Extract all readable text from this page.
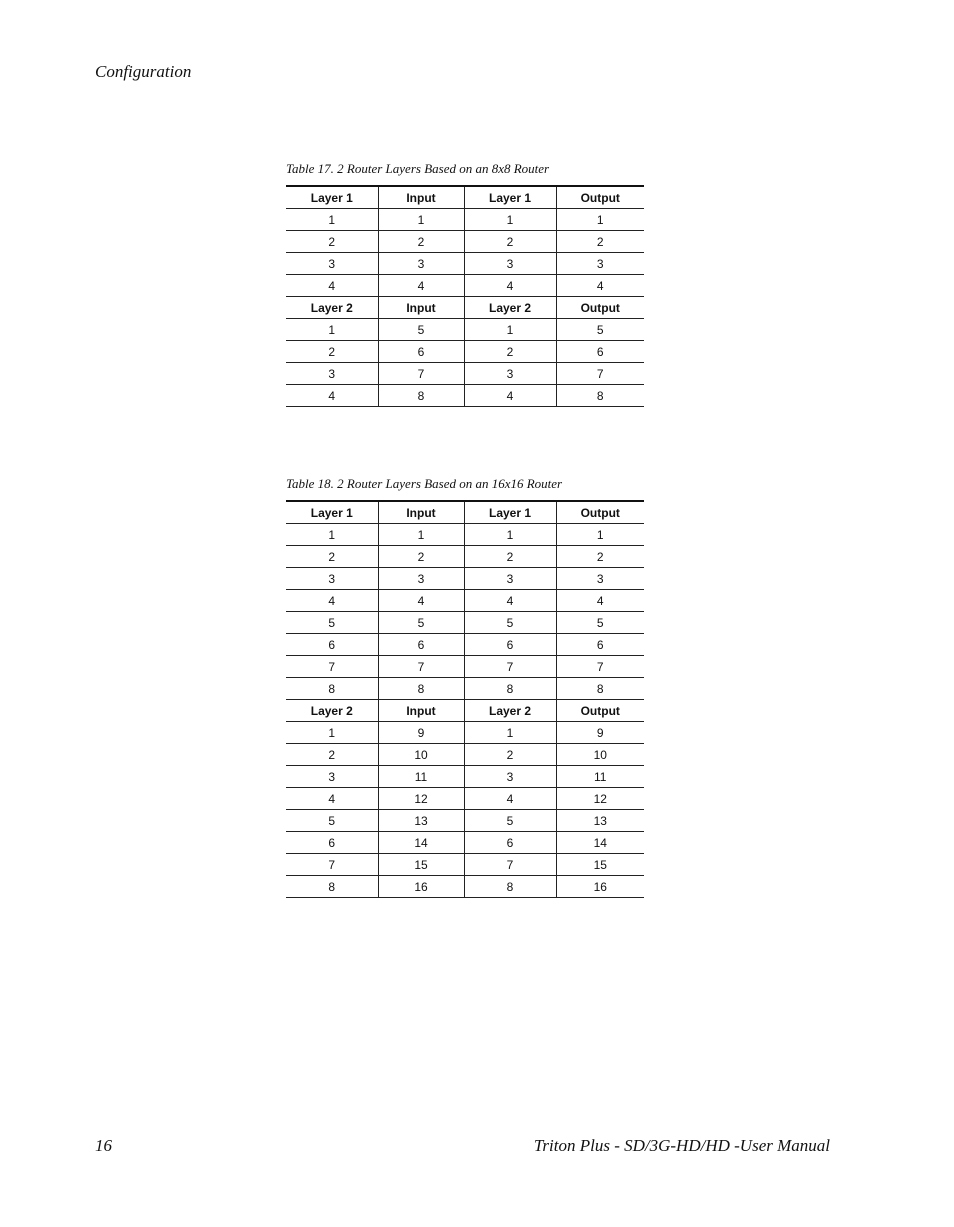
Configuration
Table 17. 2 Router Layers Based on an 8x8 Router
Layer 1	Input	Layer 1	Output
1	1	1	1
2	2	2	2
3	3	3	3
4	4	4	4
Layer 2	Input	Layer 2	Output
1	5	1	5
2	6	2	6
3	7	3	7
4	8	4	8
Table 18. 2 Router Layers Based on an 16x16 Router
Layer 1	Input	Layer 1	Output
1	1	1	1
2	2	2	2
3	3	3	3
4	4	4	4
5	5	5	5
6	6	6	6
7	7	7	7
8	8	8	8
Layer 2	Input	Layer 2	Output
1	9	1	9
2	10	2	10
3	11	3	11
4	12	4	12
5	13	5	13
6	14	6	14
7	15	7	15
8	16	8	16
16	Triton Plus - SD/3G-HD/HD -User Manual
